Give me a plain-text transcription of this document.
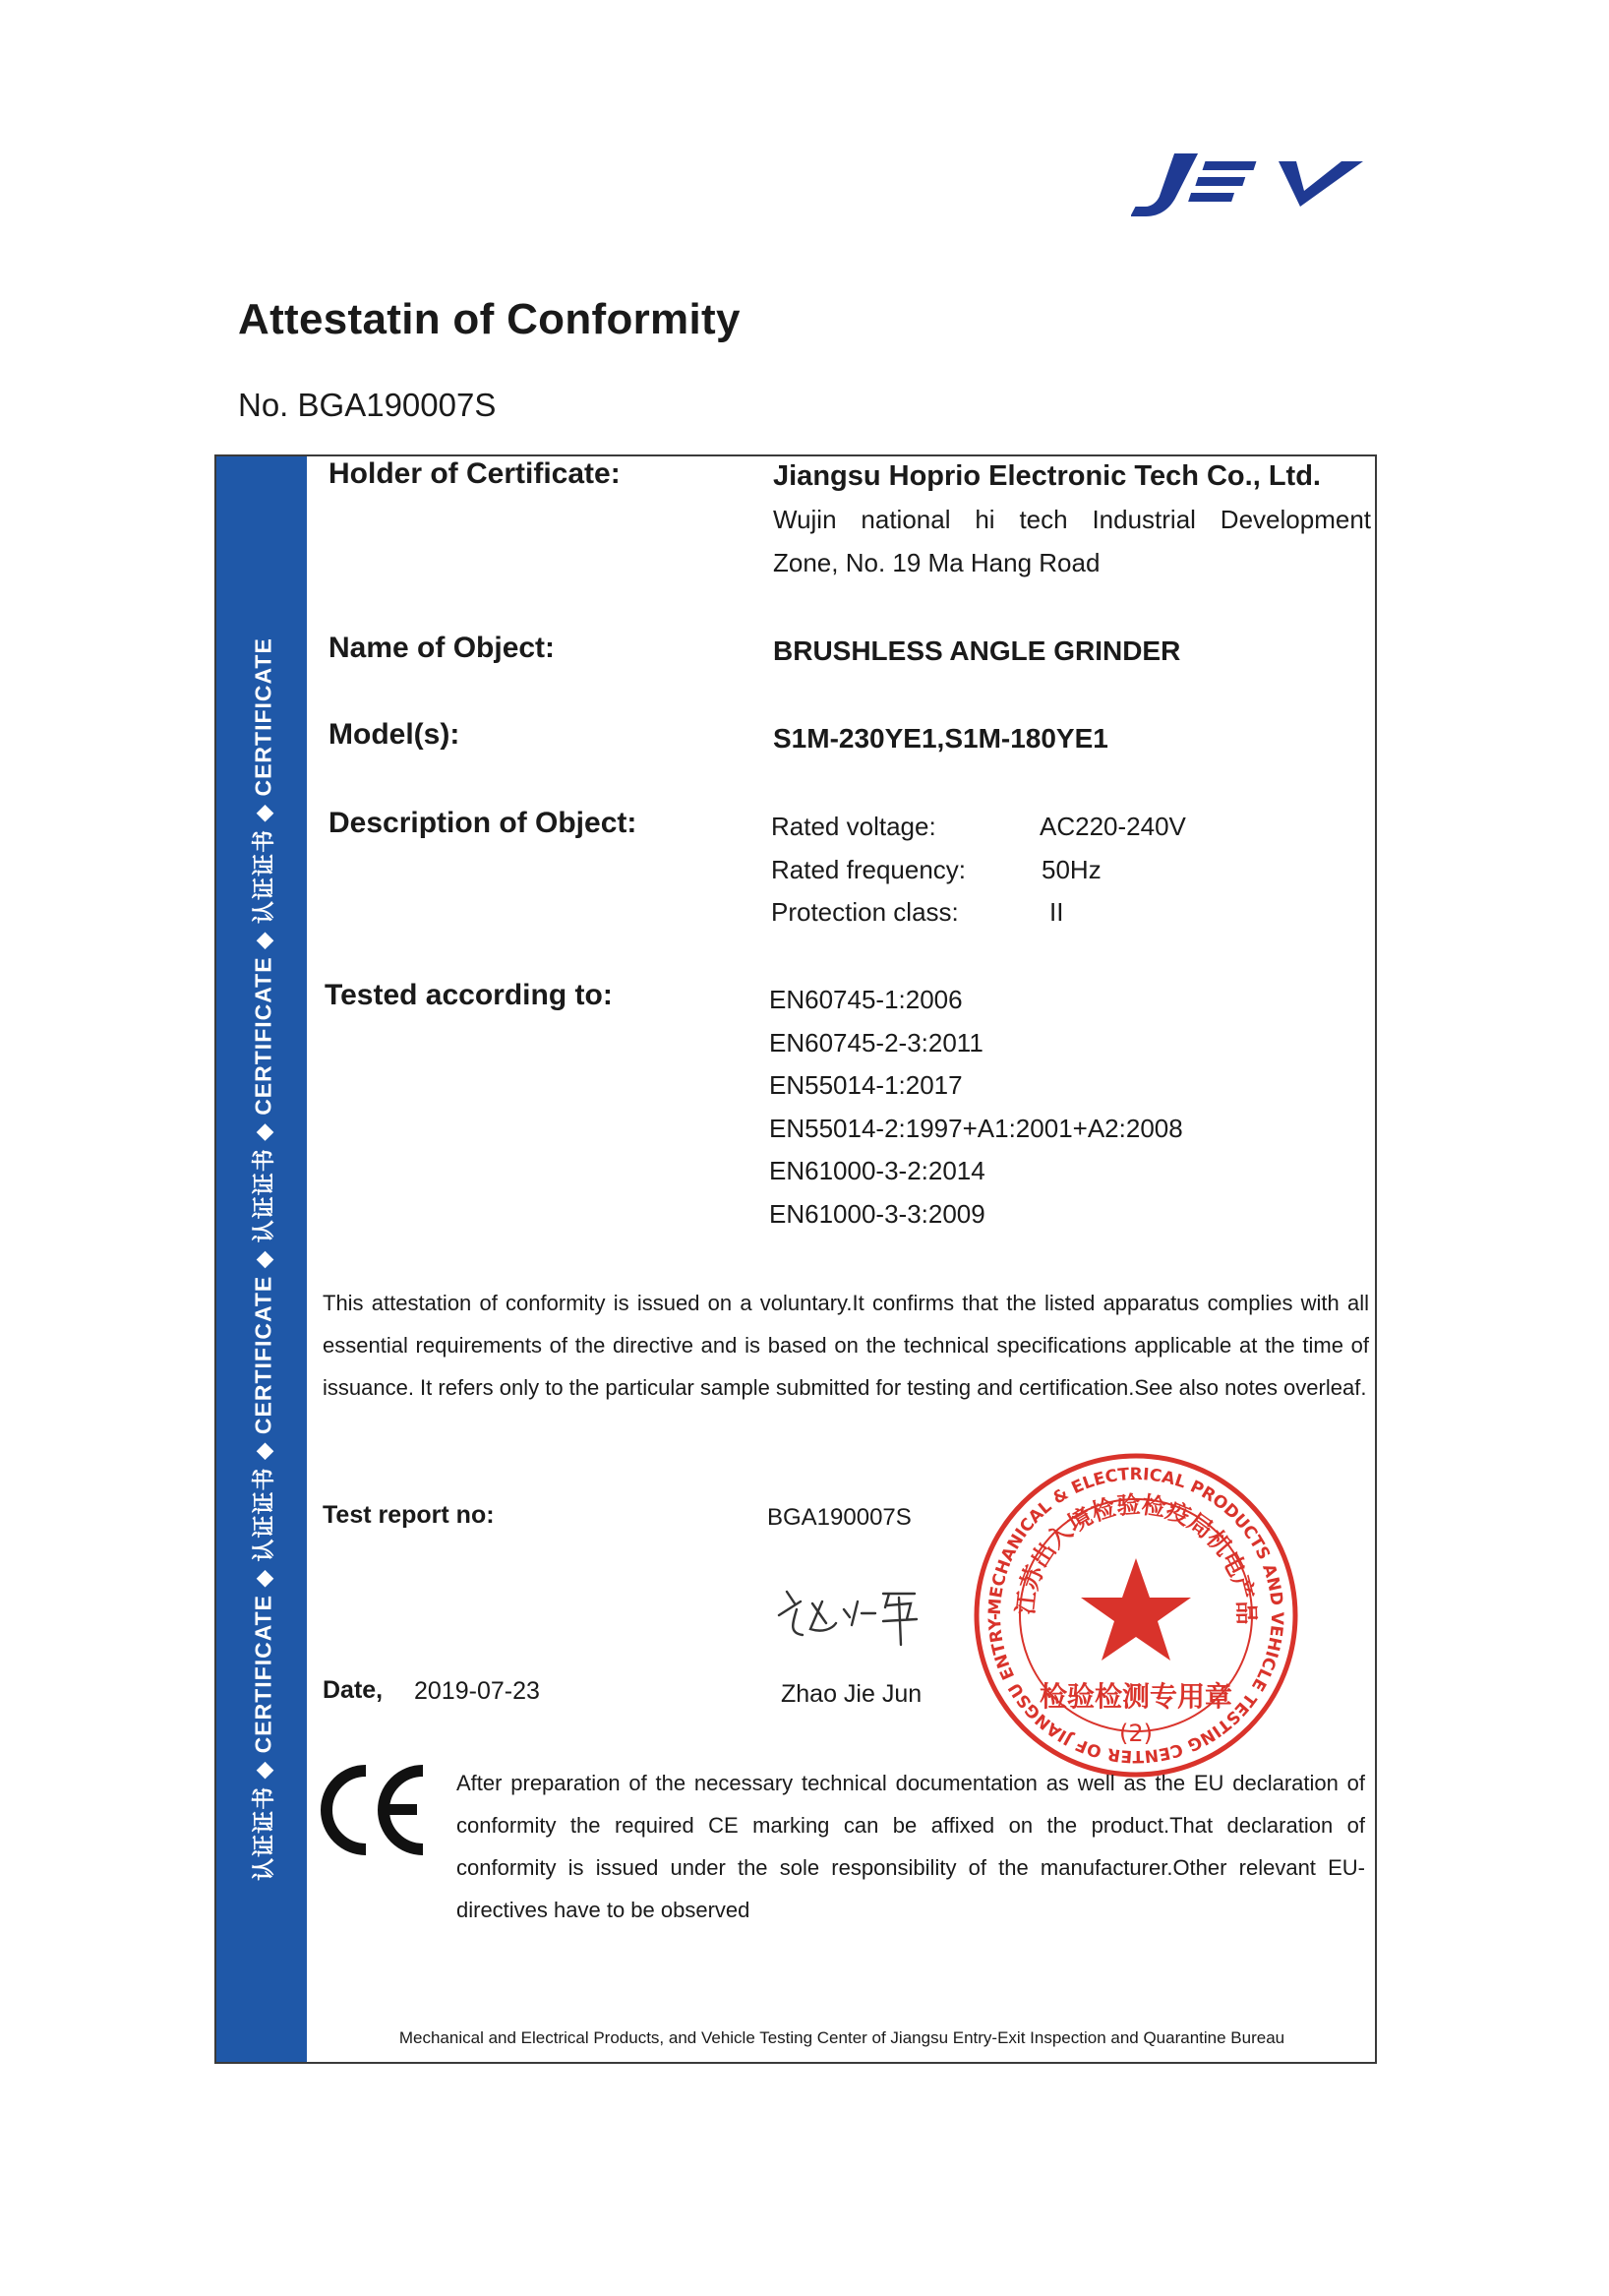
Attestatin of Conformity
No. BGA190007S
认证证书 ◆ CERTIFICATE ◆ 认证证书 ◆ CERTIFICATE ◆ 认证证书 ◆ CERTIFICATE ◆ 认证证书 ◆ CERTIFICATE
Holder of Certificate:	Jiangsu Hoprio Electronic Tech Co., Ltd.
Wujin national hi tech Industrial Development
Zone, No. 19 Ma Hang Road
Name of Object:	BRUSHLESS ANGLE GRINDER
Model(s):	S1M-230YE1,S1M-180YE1
Description of Object:	Rated voltage:	AC220-240V
Rated frequency:	50Hz
Protection class:	II
Tested according to:	EN60745-1:2006
EN60745-2-3:2011
EN55014-1:2017
EN55014-2:1997+A1:2001+A2:2008
EN61000-3-2:2014
EN61000-3-3:2009
This attestation of conformity is issued on a voluntary.It confirms that the listed apparatus complies with all essential requirements of the directive and is based on the technical specifications applicable at the time of issuance. It refers only to the particular sample submitted for testing and certification.See also notes overleaf.
Test report no:	BGA190007S
Zhao Jie Jun
Date, 2019-07-23
MECHANICAL & ELECTRICAL PRODUCTS AND VEHICLE TESTING CENTER OF JIANGSU ENTRY-
江苏出入境检验检疫局机电产品
检验检测专用章
(2)
After preparation of the necessary technical documentation as well as the EU declaration of conformity the required CE marking can be affixed on the product.That declaration of conformity is issued under the sole responsibility of the manufacturer.Other relevant EU-directives have to be observed
Mechanical and Electrical Products, and Vehicle Testing Center of Jiangsu Entry-Exit Inspection and Quarantine Bureau
